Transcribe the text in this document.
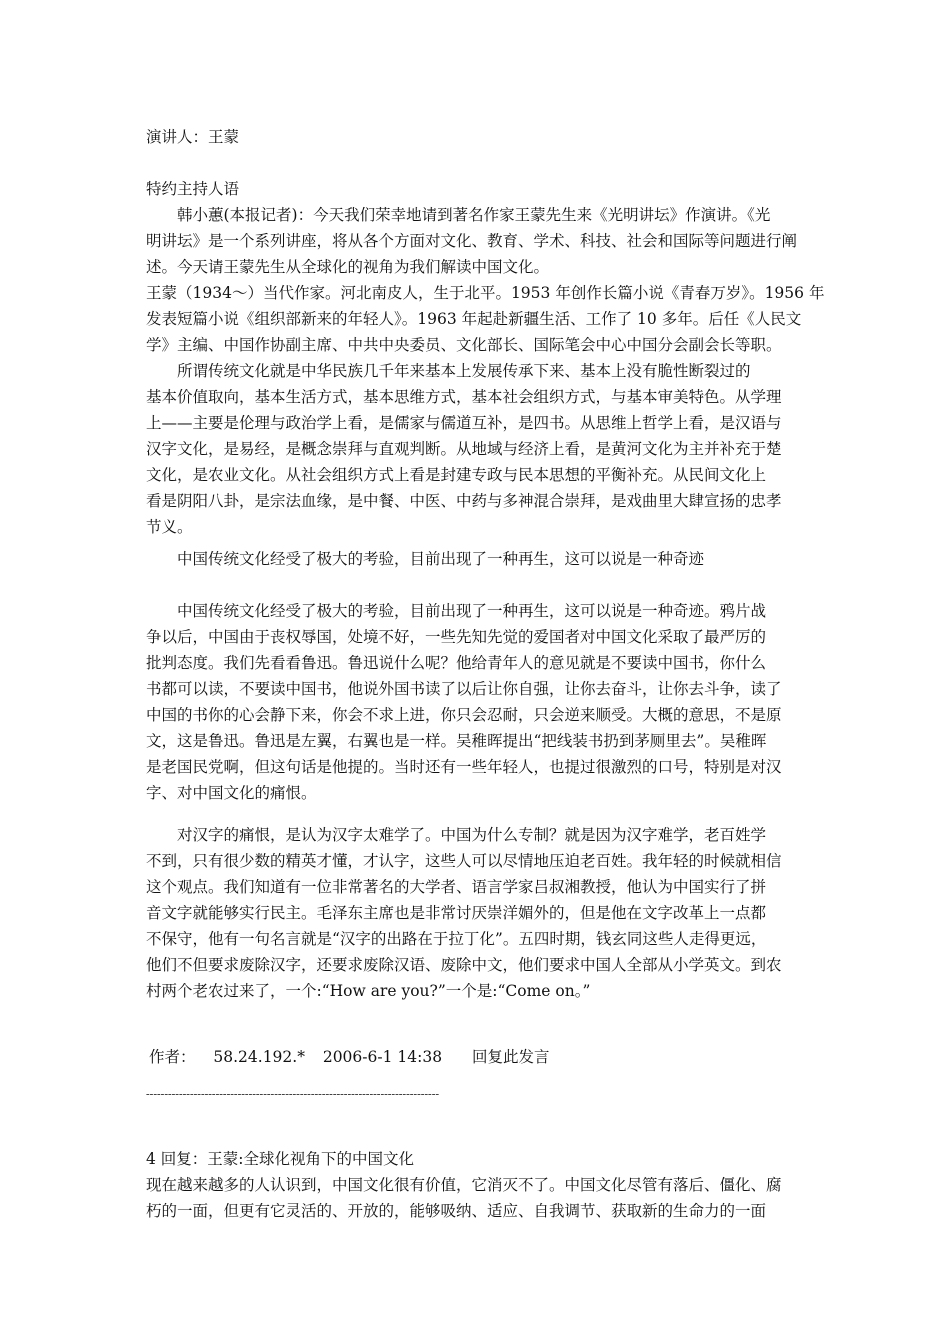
演讲人：王蒙
特约主持人语
韩小蕙(本报记者)：今天我们荣幸地请到著名作家王蒙先生来《光明讲坛》作演讲。《光
明讲坛》是一个系列讲座，将从各个方面对文化、教育、学术、科技、社会和国际等问题进行阐
述。今天请王蒙先生从全球化的视角为我们解读中国文化。
王蒙（1934～）当代作家。河北南皮人，生于北平。1953 年创作长篇小说《青春万岁》。1956 年
发表短篇小说《组织部新来的年轻人》。1963 年起赴新疆生活、工作了 10 多年。后任《人民文
学》主编、中国作协副主席、中共中央委员、文化部长、国际笔会中心中国分会副会长等职。
所谓传统文化就是中华民族几千年来基本上发展传承下来、基本上没有脆性断裂过的
基本价值取向，基本生活方式，基本思维方式，基本社会组织方式，与基本审美特色。从学理
上——主要是伦理与政治学上看，是儒家与儒道互补，是四书。从思维上哲学上看，是汉语与
汉字文化，是易经，是概念崇拜与直观判断。从地域与经济上看，是黄河文化为主并补充于楚
文化，是农业文化。从社会组织方式上看是封建专政与民本思想的平衡补充。从民间文化上
看是阴阳八卦，是宗法血缘，是中餐、中医、中药与多神混合崇拜，是戏曲里大肆宣扬的忠孝
节义。
中国传统文化经受了极大的考验，目前出现了一种再生，这可以说是一种奇迹
中国传统文化经受了极大的考验，目前出现了一种再生，这可以说是一种奇迹。鸦片战
争以后，中国由于丧权辱国，处境不好，一些先知先觉的爱国者对中国文化采取了最严厉的
批判态度。我们先看看鲁迅。鲁迅说什么呢？他给青年人的意见就是不要读中国书，你什么
书都可以读，不要读中国书，他说外国书读了以后让你自强，让你去奋斗，让你去斗争，读了
中国的书你的心会静下来，你会不求上进，你只会忍耐，只会逆来顺受。大概的意思，不是原
文，这是鲁迅。鲁迅是左翼，右翼也是一样。吴稚晖提出“把线装书扔到茅厕里去”。吴稚晖
是老国民党啊，但这句话是他提的。当时还有一些年轻人，也提过很激烈的口号，特别是对汉
字、对中国文化的痛恨。
对汉字的痛恨，是认为汉字太难学了。中国为什么专制？就是因为汉字难学，老百姓学
不到，只有很少数的精英才懂，才认字，这些人可以尽情地压迫老百姓。我年轻的时候就相信
这个观点。我们知道有一位非常著名的大学者、语言学家吕叔湘教授，他认为中国实行了拼
音文字就能够实行民主。毛泽东主席也是非常讨厌崇洋媚外的，但是他在文字改革上一点都
不保守，他有一句名言就是“汉字的出路在于拉丁化”。五四时期，钱玄同这些人走得更远，
他们不但要求废除汉字，还要求废除汉语、废除中文，他们要求中国人全部从小学英文。到农
村两个老农过来了，一个:“How are you?”一个是:“Come on。”
作者： 58.24.192.* 2006-6-1 14:38 回复此发言
--------------------------------------------------------------------------------
4 回复：王蒙:全球化视角下的中国文化
现在越来越多的人认识到，中国文化很有价值，它消灭不了。中国文化尽管有落后、僵化、腐
朽的一面，但更有它灵活的、开放的，能够吸纳、适应、自我调节、获取新的生命力的一面
